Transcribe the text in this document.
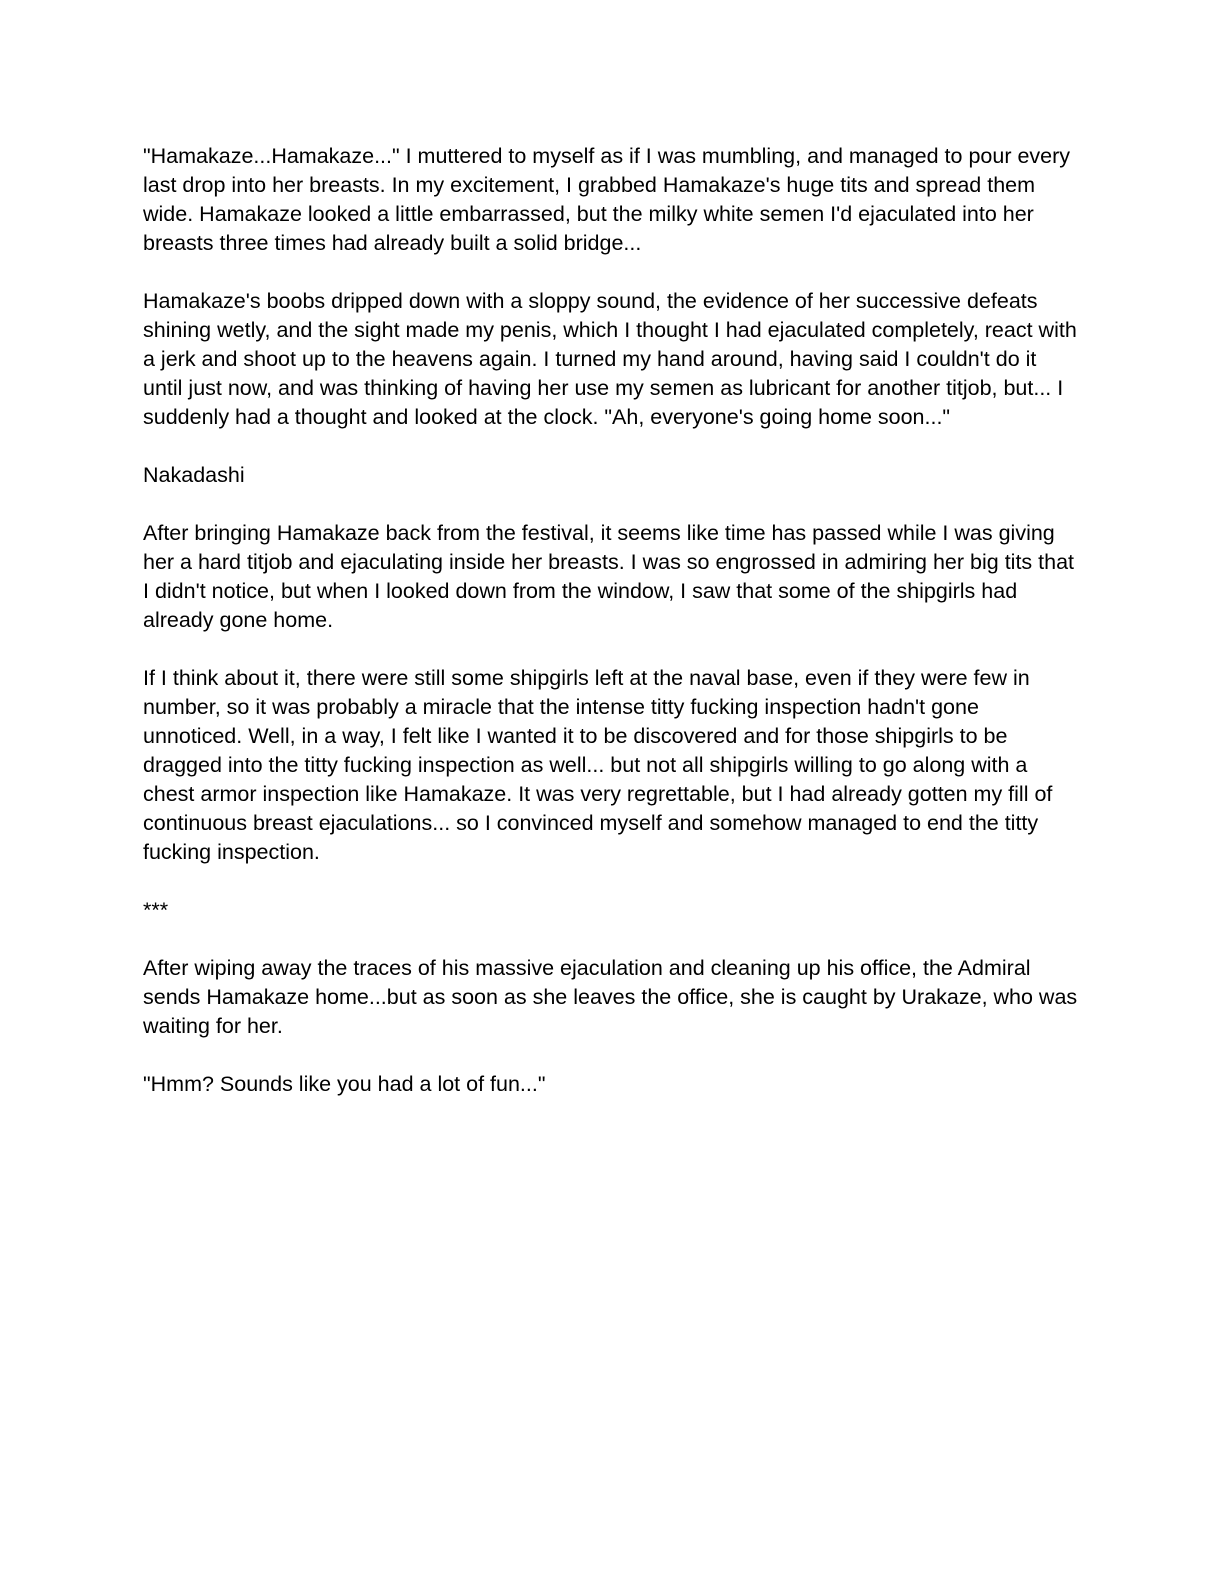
"Hamakaze...Hamakaze..." I muttered to myself as if I was mumbling, and managed to pour every last drop into her breasts. In my excitement, I grabbed Hamakaze's huge tits and spread them wide. Hamakaze looked a little embarrassed, but the milky white semen I'd ejaculated into her breasts three times had already built a solid bridge...

Hamakaze's boobs dripped down with a sloppy sound, the evidence of her successive defeats shining wetly, and the sight made my penis, which I thought I had ejaculated completely, react with a jerk and shoot up to the heavens again. I turned my hand around, having said I couldn't do it until just now, and was thinking of having her use my semen as lubricant for another titjob, but... I suddenly had a thought and looked at the clock. "Ah, everyone's going home soon..."

Nakadashi

After bringing Hamakaze back from the festival, it seems like time has passed while I was giving her a hard titjob and ejaculating inside her breasts. I was so engrossed in admiring her big tits that I didn't notice, but when I looked down from the window, I saw that some of the shipgirls had already gone home.

If I think about it, there were still some shipgirls left at the naval base, even if they were few in number, so it was probably a miracle that the intense titty fucking inspection hadn't gone unnoticed. Well, in a way, I felt like I wanted it to be discovered and for those shipgirls to be dragged into the titty fucking inspection as well... but not all shipgirls willing to go along with a chest armor inspection like Hamakaze. It was very regrettable, but I had already gotten my fill of continuous breast ejaculations... so I convinced myself and somehow managed to end the titty fucking inspection.

***

After wiping away the traces of his massive ejaculation and cleaning up his office, the Admiral sends Hamakaze home...but as soon as she leaves the office, she is caught by Urakaze, who was waiting for her.

"Hmm? Sounds like you had a lot of fun..."
